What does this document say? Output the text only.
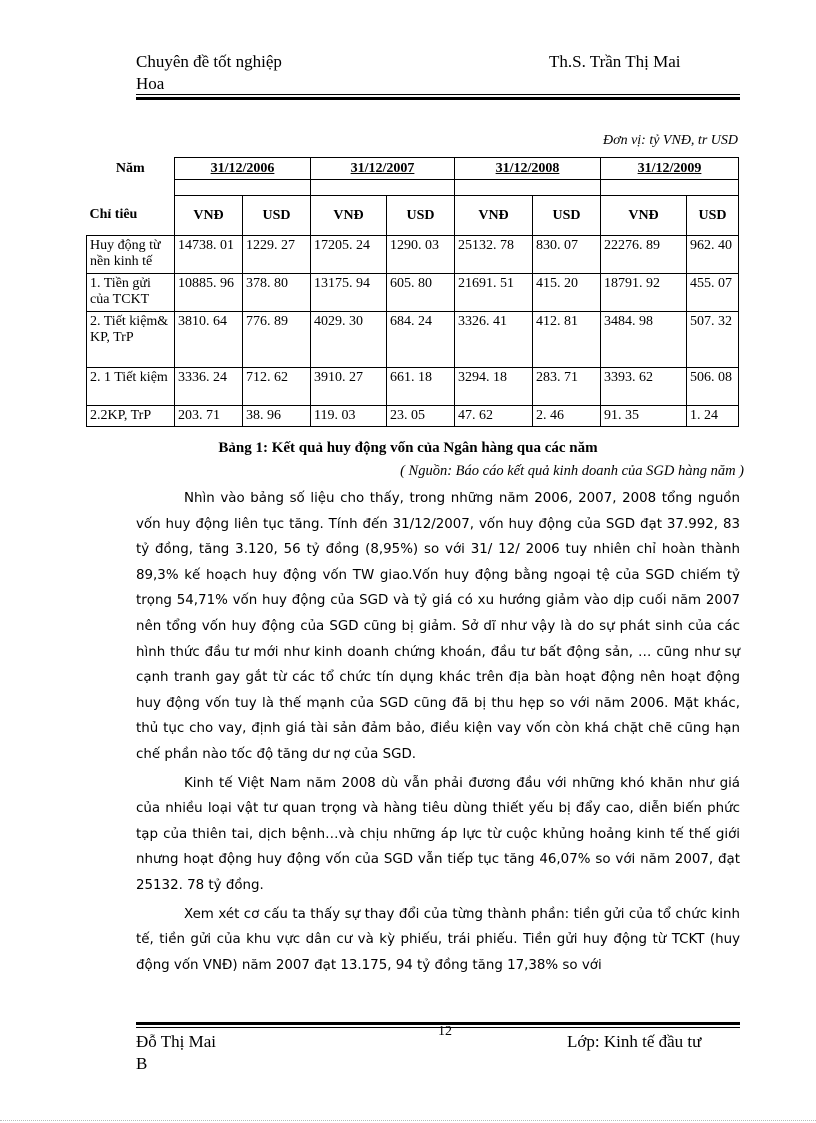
Chuyên đề tốt nghiệp
Hoa
Th.S. Trần Thị Mai
Đơn vị: tỷ VNĐ, tr USD
Năm	31/12/2006		31/12/2007		31/12/2008		31/12/2009	

Chỉ tiêu	VNĐ	USD	VNĐ	USD	VNĐ	USD	VNĐ	USD
Huy động từ nền kinh tế	14738. 01	1229. 27	17205. 24	1290. 03	25132. 78	830. 07	22276. 89	962. 40
1. Tiền gửi của TCKT	10885. 96	378. 80	13175. 94	605. 80	21691. 51	415. 20	18791. 92	455. 07
2. Tiết kiệm& KP, TrP	3810. 64	776. 89	4029. 30	684. 24	3326. 41	412. 81	3484. 98	507. 32
2. 1 Tiết kiệm	3336. 24	712. 62	3910. 27	661. 18	3294. 18	283. 71	3393. 62	506. 08
2.2KP, TrP	203. 71	38. 96	119. 03	23. 05	47. 62	2. 46	91. 35	1. 24
Bảng 1: Kết quả huy động vốn của Ngân hàng qua các năm
( Nguồn: Báo cáo kết quả kinh doanh của SGD hàng năm )

Nhìn vào bảng số liệu cho thấy, trong những năm 2006, 2007, 2008 tổng nguồn vốn huy động liên tục tăng. Tính đến 31/12/2007, vốn huy động của SGD đạt 37.992, 83 tỷ đồng, tăng 3.120, 56 tỷ đồng (8,95%) so với 31/ 12/ 2006 tuy nhiên chỉ hoàn thành 89,3% kế hoạch huy động vốn TW giao.Vốn huy động bằng ngoại tệ của SGD chiếm tỷ trọng 54,71% vốn huy động của SGD và tỷ giá có xu hướng giảm vào dịp cuối năm 2007 nên tổng vốn huy động của SGD cũng bị giảm. Sở dĩ như vậy là do sự phát sinh của các hình thức đầu tư mới như kinh doanh chứng khoán, đầu tư bất động sản, … cũng như sự cạnh tranh gay gắt từ các tổ chức tín dụng khác trên địa bàn hoạt động nên hoạt động huy động vốn tuy là thế mạnh của SGD cũng đã bị thu hẹp so với năm 2006. Mặt khác, thủ tục cho vay, định giá tài sản đảm bảo, điều kiện vay vốn còn khá chặt chẽ cũng hạn chế phần nào tốc độ tăng dư nợ của SGD.

Kinh tế Việt Nam năm 2008 dù vẫn phải đương đầu với những khó khăn như giá của nhiều loại vật tư quan trọng và hàng tiêu dùng thiết yếu bị đẩy cao, diễn biến phức tạp của thiên tai, dịch bệnh…và chịu những áp lực từ cuộc khủng hoảng kinh tế thế giới nhưng hoạt động huy động vốn của SGD vẫn tiếp tục tăng 46,07% so với năm 2007, đạt 25132. 78 tỷ đồng.

Xem xét cơ cấu ta thấy sự thay đổi của từng thành phần: tiền gửi của tổ chức kinh tế, tiền gửi của khu vực dân cư và kỳ phiếu, trái phiếu. Tiền gửi huy động từ TCKT (huy động vốn VNĐ) năm 2007 đạt 13.175, 94 tỷ đồng tăng 17,38% so với

Đỗ Thị Mai
B
12
Lớp: Kinh tế đầu tư
